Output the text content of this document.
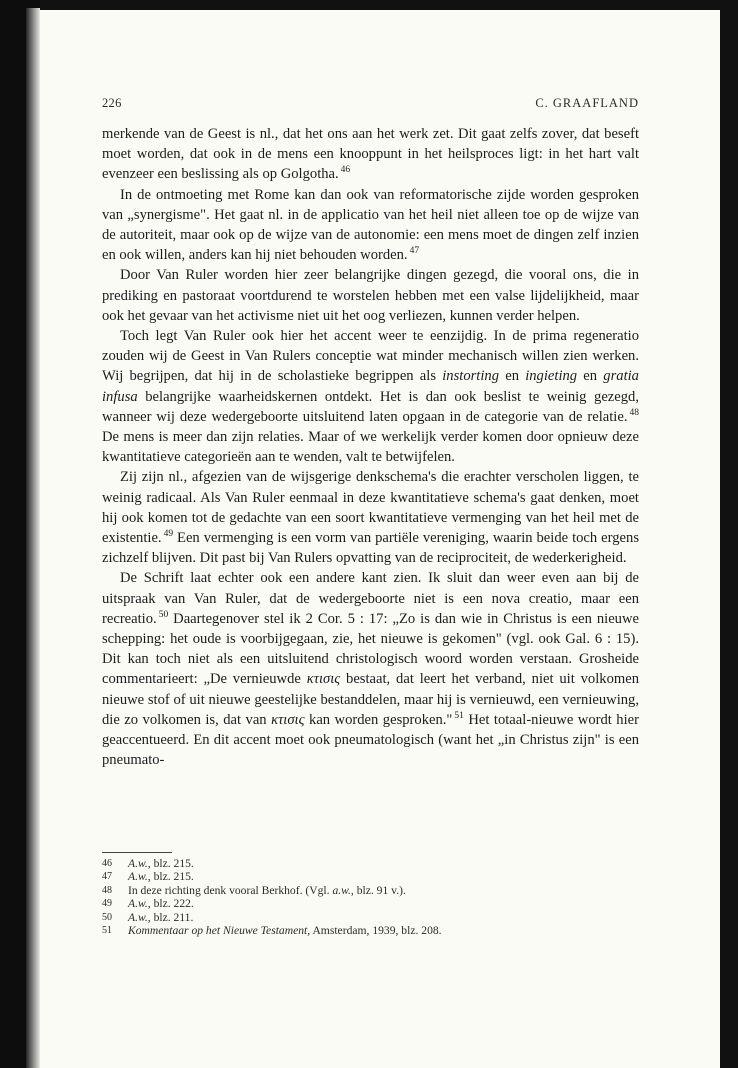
226	C. GRAAFLAND

merkende van de Geest is nl., dat het ons aan het werk zet. Dit gaat zelfs zover, dat beseft moet worden, dat ook in de mens een knooppunt in het heilsproces ligt: in het hart valt evenzeer een beslissing als op Golgotha. $^{46}$

In de ontmoeting met Rome kan dan ook van reformatorische zijde worden gesproken van „synergisme". Het gaat nl. in de applicatio van het heil niet alleen toe op de wijze van de autoriteit, maar ook op de wijze van de autonomie: een mens moet de dingen zelf inzien en ook willen, anders kan hij niet behouden worden. $^{47}$

Door Van Ruler worden hier zeer belangrijke dingen gezegd, die vooral ons, die in prediking en pastoraat voortdurend te worstelen hebben met een valse lijdelijkheid, maar ook het gevaar van het activisme niet uit het oog verliezen, kunnen verder helpen.

Toch legt Van Ruler ook hier het accent weer te eenzijdig. In de prima regeneratio zouden wij de Geest in Van Rulers conceptie wat minder mechanisch willen zien werken. Wij begrijpen, dat hij in de scholastieke begrippen als instorting en ingieting en gratia infusa belangrijke waarheidskernen ontdekt. Het is dan ook beslist te weinig gezegd, wanneer wij deze wedergeboorte uitsluitend laten opgaan in de categorie van de relatie. $^{48}$ De mens is meer dan zijn relaties. Maar of we werkelijk verder komen door opnieuw deze kwantitatieve categorieën aan te wenden, valt te betwijfelen.

Zij zijn nl., afgezien van de wijsgerige denkschema's die erachter verscholen liggen, te weinig radicaal. Als Van Ruler eenmaal in deze kwantitatieve schema's gaat denken, moet hij ook komen tot de gedachte van een soort kwantitatieve vermenging van het heil met de existentie. $^{49}$ Een vermenging is een vorm van partiële vereniging, waarin beide toch ergens zichzelf blijven. Dit past bij Van Rulers opvatting van de reciprociteit, de wederkerigheid.

De Schrift laat echter ook een andere kant zien. Ik sluit dan weer even aan bij de uitspraak van Van Ruler, dat de wedergeboorte niet is een nova creatio, maar een recreatio. $^{50}$ Daartegenover stel ik 2 Cor. 5 : 17: „Zo is dan wie in Christus is een nieuwe schepping: het oude is voorbijgegaan, zie, het nieuwe is gekomen" (vgl. ook Gal. 6 : 15). Dit kan toch niet als een uitsluitend christologisch woord worden verstaan. Grosheide commentarieert: „De vernieuwde κτισις bestaat, dat leert het verband, niet uit volkomen nieuwe stof of uit nieuwe geestelijke bestanddelen, maar hij is vernieuwd, een vernieuwing, die zo volkomen is, dat van κτισις kan worden gesproken." $^{51}$ Het totaal-nieuwe wordt hier geaccentueerd. En dit accent moet ook pneumatologisch (want het „in Christus zijn" is een pneumato-

46	A.w., blz. 215.
47	A.w., blz. 215.
48	In deze richting denk vooral Berkhof. (Vgl. a.w., blz. 91 v.).
49	A.w., blz. 222.
50	A.w., blz. 211.
51	Kommentaar op het Nieuwe Testament, Amsterdam, 1939, blz. 208.
